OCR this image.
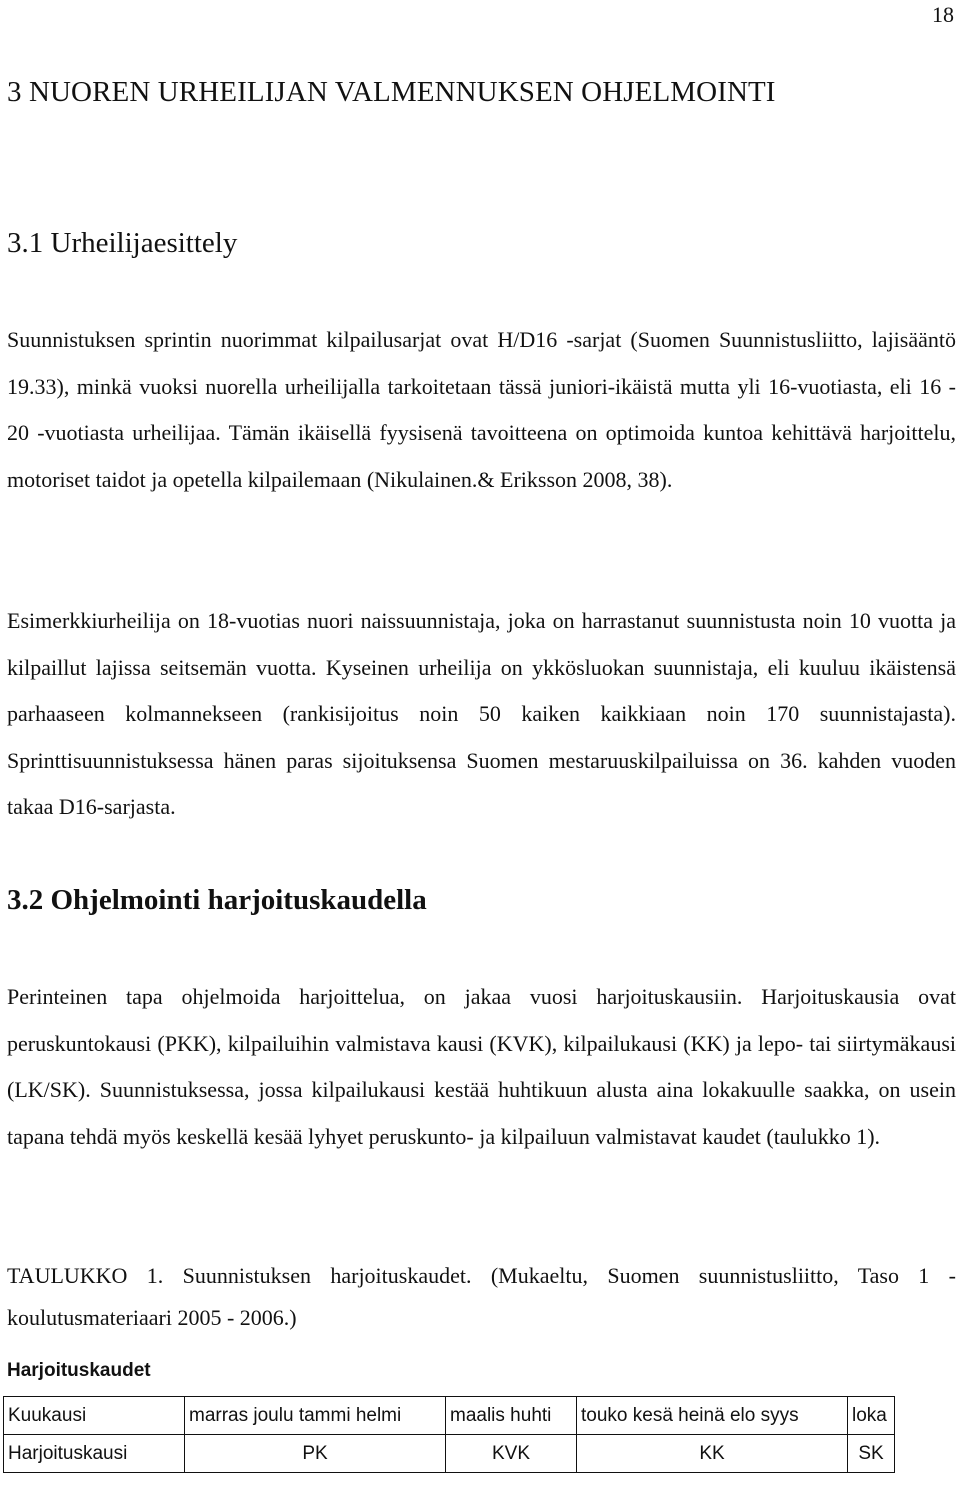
18
3 NUOREN URHEILIJAN VALMENNUKSEN OHJELMOINTI
3.1 Urheilijaesittely

Suunnistuksen sprintin nuorimmat kilpailusarjat ovat H/D16 -sarjat (Suomen Suunnistusliitto, lajisääntö 19.33), minkä vuoksi nuorella urheilijalla tarkoitetaan tässä juniori-ikäistä mutta yli 16-vuotiasta, eli 16 - 20 -vuotiasta urheilijaa. Tämän ikäisellä fyysisenä tavoitteena on optimoida kuntoa kehittävä harjoittelu, motoriset taidot ja opetella kilpailemaan (Nikulainen.& Eriksson 2008, 38).

Esimerkkiurheilija on 18-vuotias nuori naissuunnistaja, joka on harrastanut suunnistusta noin 10 vuotta ja kilpaillut lajissa seitsemän vuotta. Kyseinen urheilija on ykkösluokan suunnistaja, eli kuuluu ikäistensä parhaaseen kolmannekseen (rankisijoitus noin 50 kaiken kaikkiaan noin 170 suunnistajasta). Sprinttisuunnistuksessa hänen paras sijoituksensa Suomen mestaruuskilpailuissa on 36. kahden vuoden takaa D16-sarjasta.

3.2 Ohjelmointi harjoituskaudella

Perinteinen tapa ohjelmoida harjoittelua, on jakaa vuosi harjoituskausiin. Harjoituskausia ovat peruskuntokausi (PKK), kilpailuihin valmistava kausi (KVK), kilpailukausi (KK) ja lepo- tai siirtymäkausi (LK/SK). Suunnistuksessa, jossa kilpailukausi kestää huhtikuun alusta aina lokakuulle saakka, on usein tapana tehdä myös keskellä kesää lyhyet peruskunto- ja kilpailuun valmistavat kaudet (taulukko 1).

TAULUKKO 1. Suunnistuksen harjoituskaudet. (Mukaeltu, Suomen suunnistusliitto, Taso 1 - koulutusmateriaari 2005 - 2006.)

Harjoituskaudet
Kuukausi	marras joulu tammi helmi	maalis huhti	touko kesä heinä elo syys	loka
Harjoituskausi	PK	KVK	KK	SK
